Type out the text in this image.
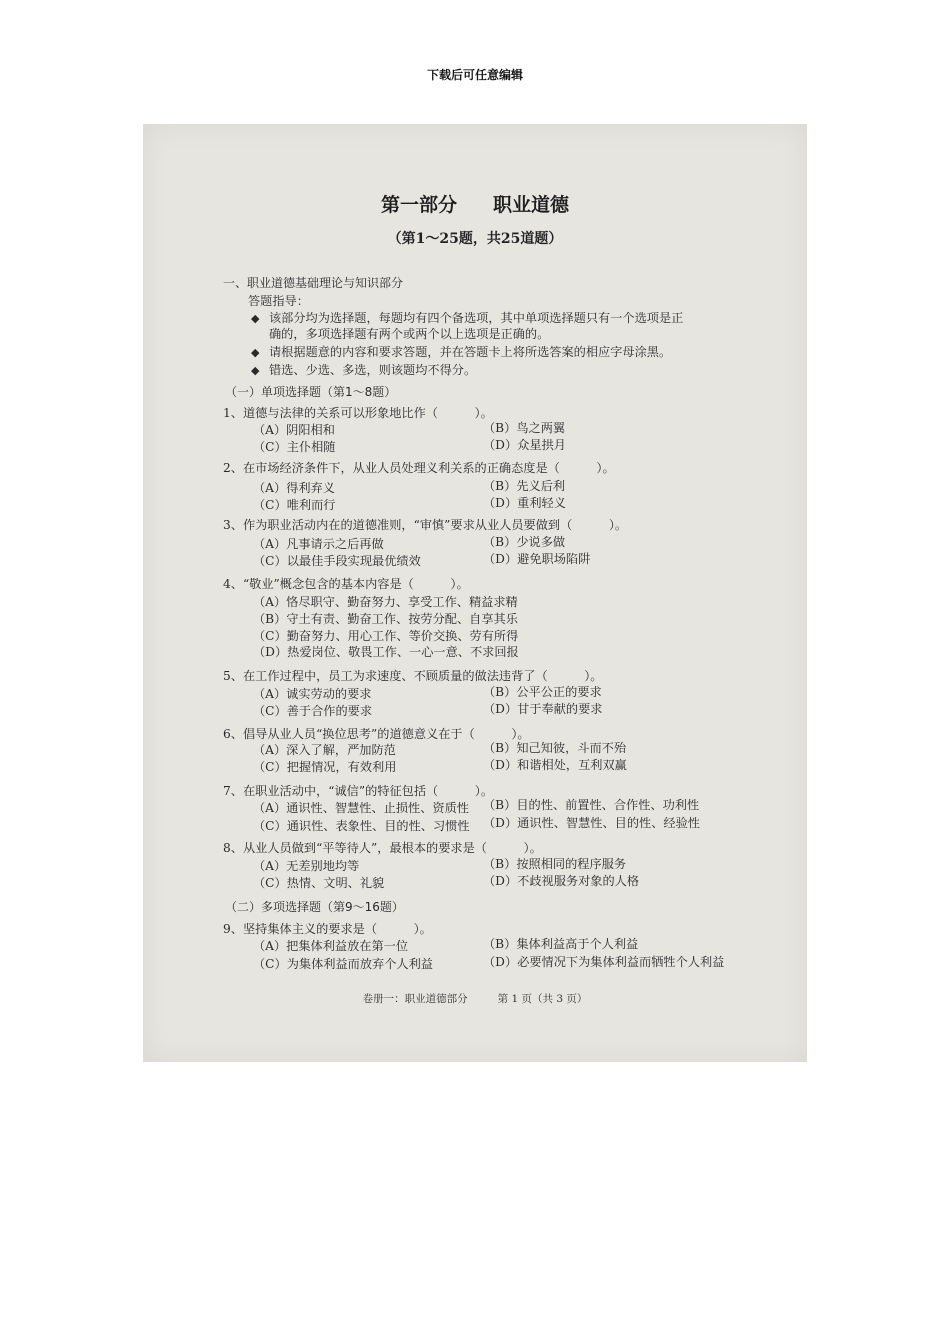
下载后可任意编辑
第一部分 职业道德
（第1～25题，共25道题）
一、职业道德基础理论与知识部分
答题指导：
◆ 该部分均为选择题，每题均有四个备选项，其中单项选择题只有一个选项是正
确的，多项选择题有两个或两个以上选项是正确的。
◆ 请根据题意的内容和要求答题，并在答题卡上将所选答案的相应字母涂黑。
◆ 错选、少选、多选，则该题均不得分。
（一）单项选择题（第1～8题）
1、道德与法律的关系可以形象地比作（　　　）。
（A）阴阳相和	（B）鸟之两翼
（C）主仆相随	（D）众星拱月
2、在市场经济条件下，从业人员处理义利关系的正确态度是（　　　）。
（A）得利弃义	（B）先义后利
（C）唯利而行	（D）重利轻义
3、作为职业活动内在的道德准则，“审慎”要求从业人员要做到（　　　）。
（A）凡事请示之后再做	（B）少说多做
（C）以最佳手段实现最优绩效	（D）避免职场陷阱
4、“敬业”概念包含的基本内容是（　　　）。
（A）恪尽职守、勤奋努力、享受工作、精益求精
（B）守土有责、勤奋工作、按劳分配、自享其乐
（C）勤奋努力、用心工作、等价交换、劳有所得
（D）热爱岗位、敬畏工作、一心一意、不求回报
5、在工作过程中，员工为求速度、不顾质量的做法违背了（　　　）。
（A）诚实劳动的要求	（B）公平公正的要求
（C）善于合作的要求	（D）甘于奉献的要求
6、倡导从业人员“换位思考”的道德意义在于（　　　）。
（A）深入了解，严加防范	（B）知己知彼，斗而不殆
（C）把握情况，有效利用	（D）和谐相处，互利双赢
7、在职业活动中，“诚信”的特征包括（　　　）。
（A）通识性、智慧性、止损性、资质性 （B）目的性、前置性、合作性、功利性
（C）通识性、表象性、目的性、习惯性 （D）通识性、智慧性、目的性、经验性
8、从业人员做到“平等待人”，最根本的要求是（　　　）。
（A）无差别地均等	（B）按照相同的程序服务
（C）热情、文明、礼貌	（D）不歧视服务对象的人格
（二）多项选择题（第9～16题）
9、坚持集体主义的要求是（　　　）。
（A）把集体利益放在第一位	（B）集体利益高于个人利益
（C）为集体利益而放弃个人利益	（D）必要情况下为集体利益而牺牲个人利益
卷册一：职业道德部分	第 1 页（共 3 页）
